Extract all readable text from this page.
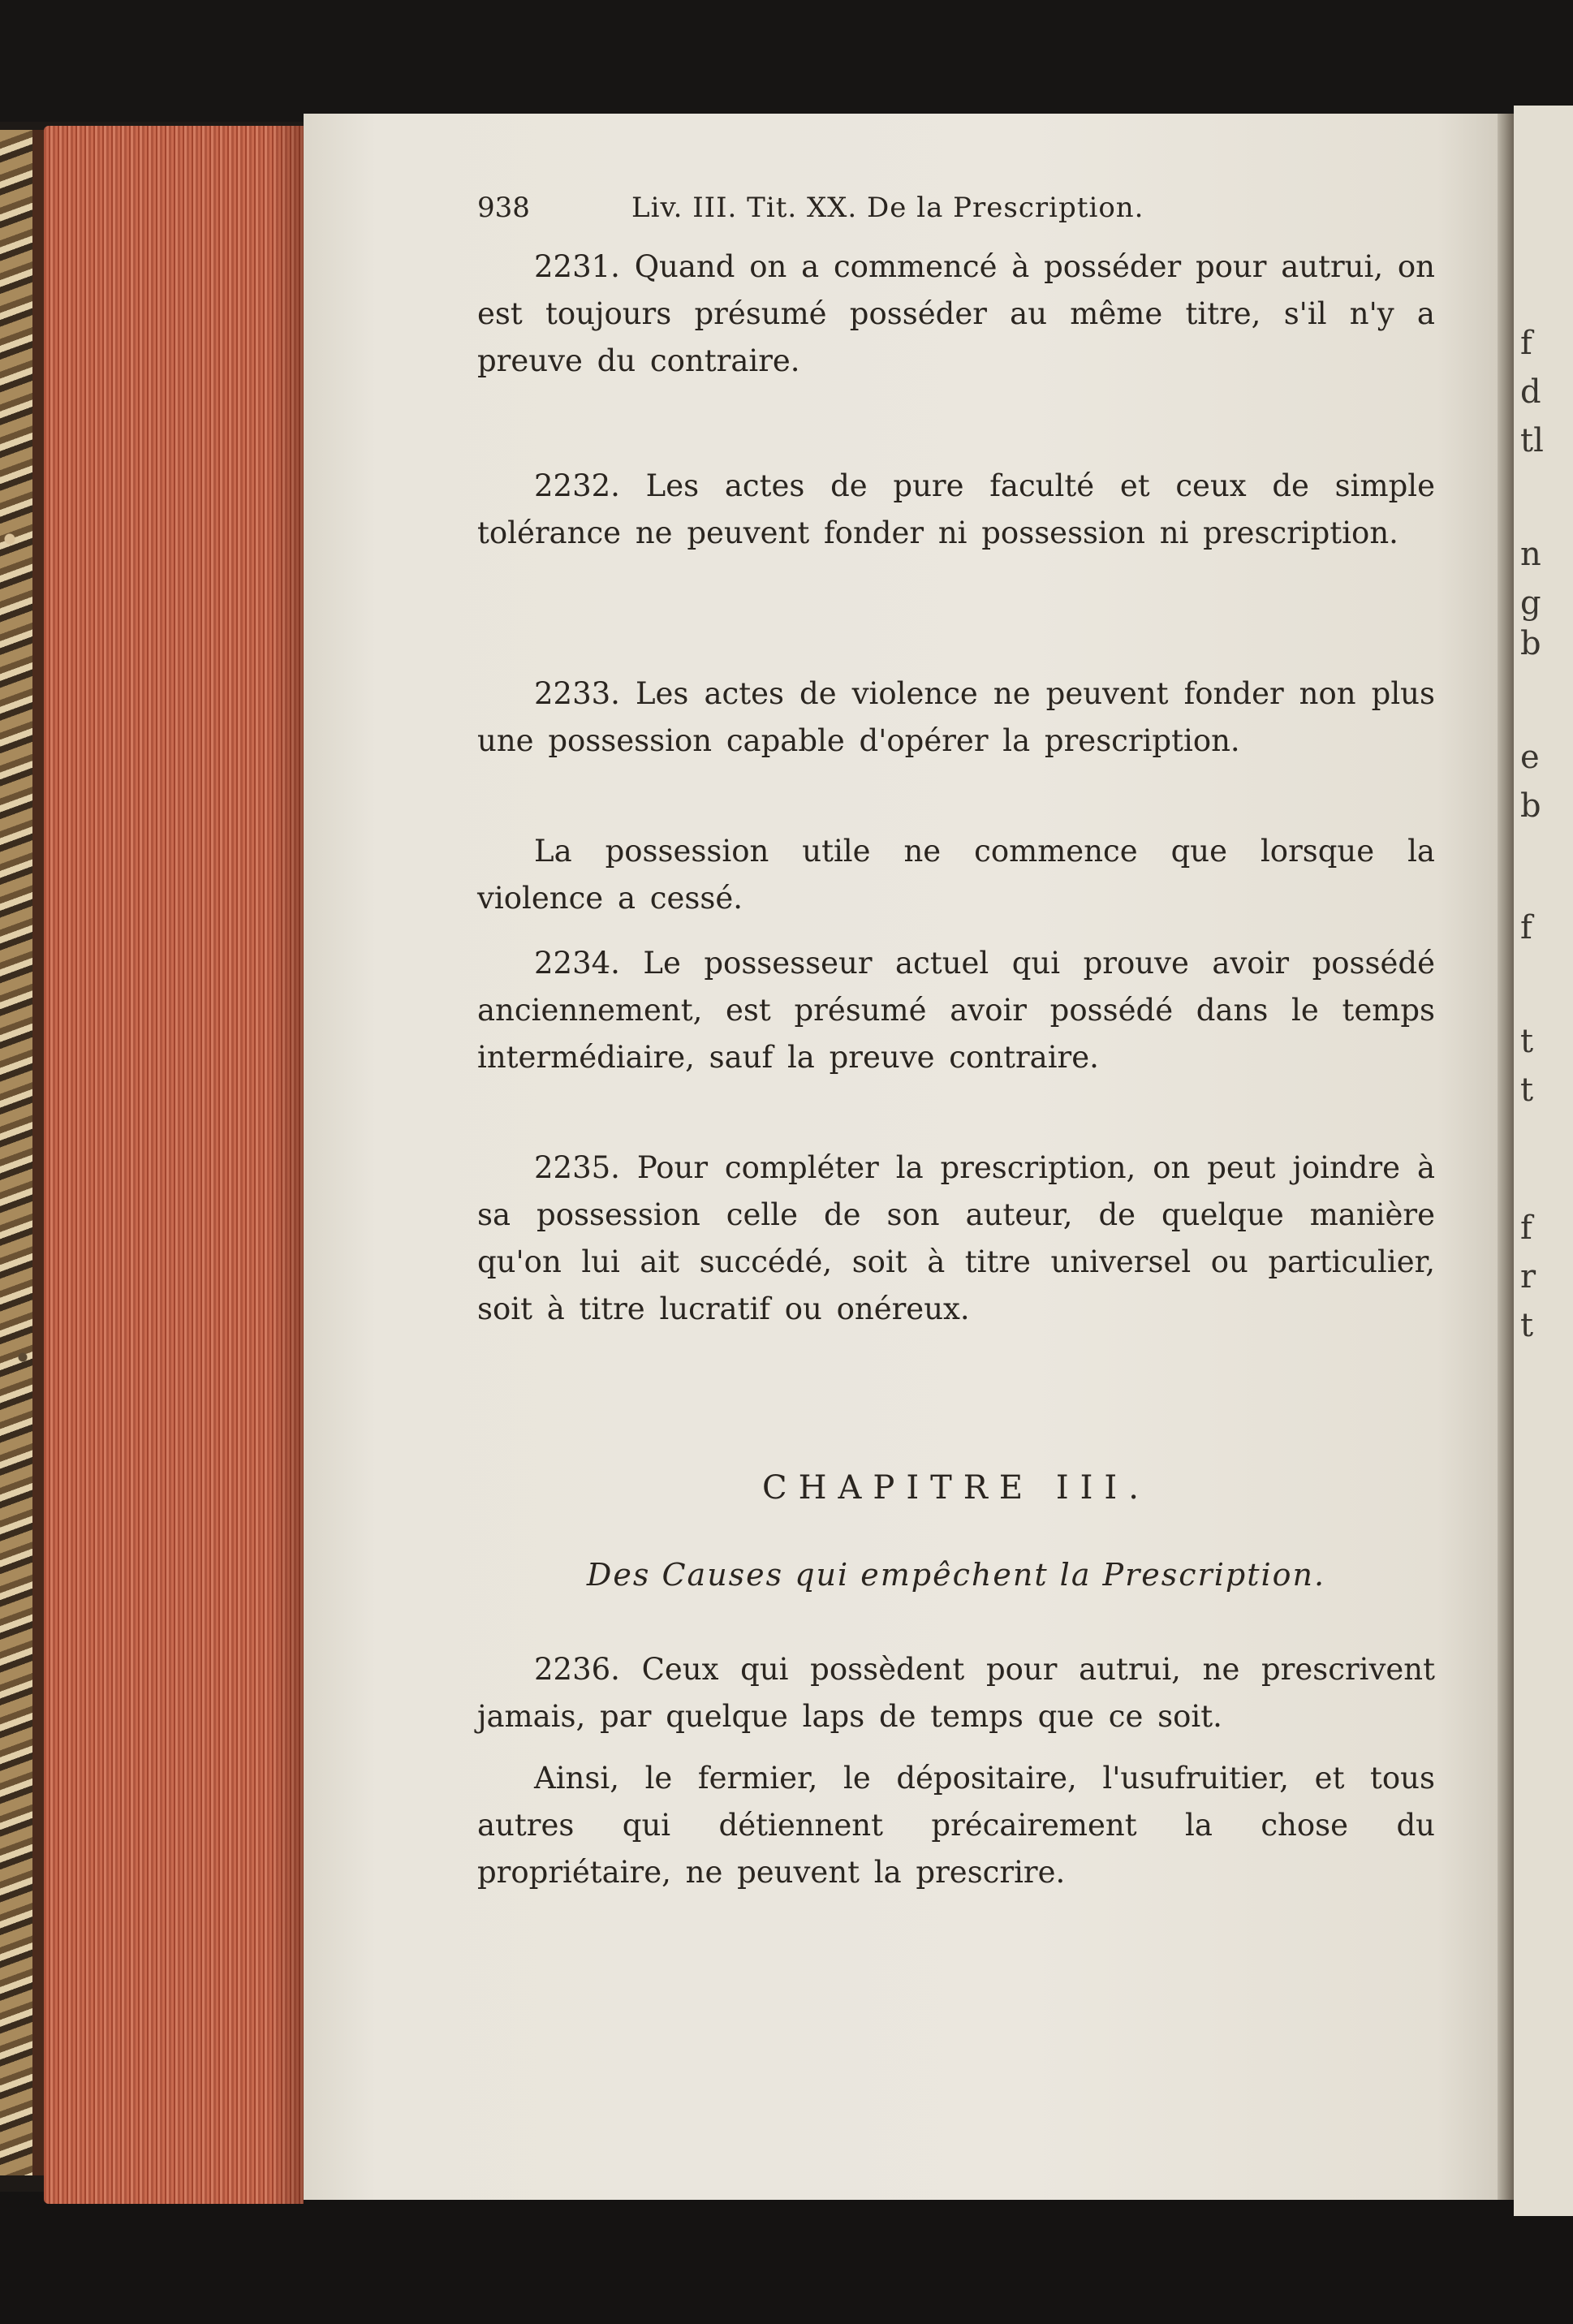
f
d
tl
n
g
b
e
b
f
t
t
f
r
t
938	Liv. III. Tit. XX. De la Prescription.

2231. Quand on a commencé à posséder pour autrui, on est toujours présumé posséder au même titre, s'il n'y a preuve du contraire.

2232. Les actes de pure faculté et ceux de simple tolérance ne peuvent fonder ni possession ni prescription.

2233. Les actes de violence ne peuvent fonder non plus une possession capable d'opérer la prescription.

La possession utile ne commence que lorsque la violence a cessé.

2234. Le possesseur actuel qui prouve avoir possédé anciennement, est présumé avoir possédé dans le temps intermédiaire, sauf la preuve contraire.

2235. Pour compléter la prescription, on peut joindre à sa possession celle de son auteur, de quelque manière qu'on lui ait succédé, soit à titre universel ou particulier, soit à titre lucratif ou onéreux.

CHAPITRE III.
Des Causes qui empêchent la Prescription.

2236. Ceux qui possèdent pour autrui, ne prescrivent jamais, par quelque laps de temps que ce soit.

Ainsi, le fermier, le dépositaire, l'usufruitier, et tous autres qui détiennent précairement la chose du propriétaire, ne peuvent la prescrire.
